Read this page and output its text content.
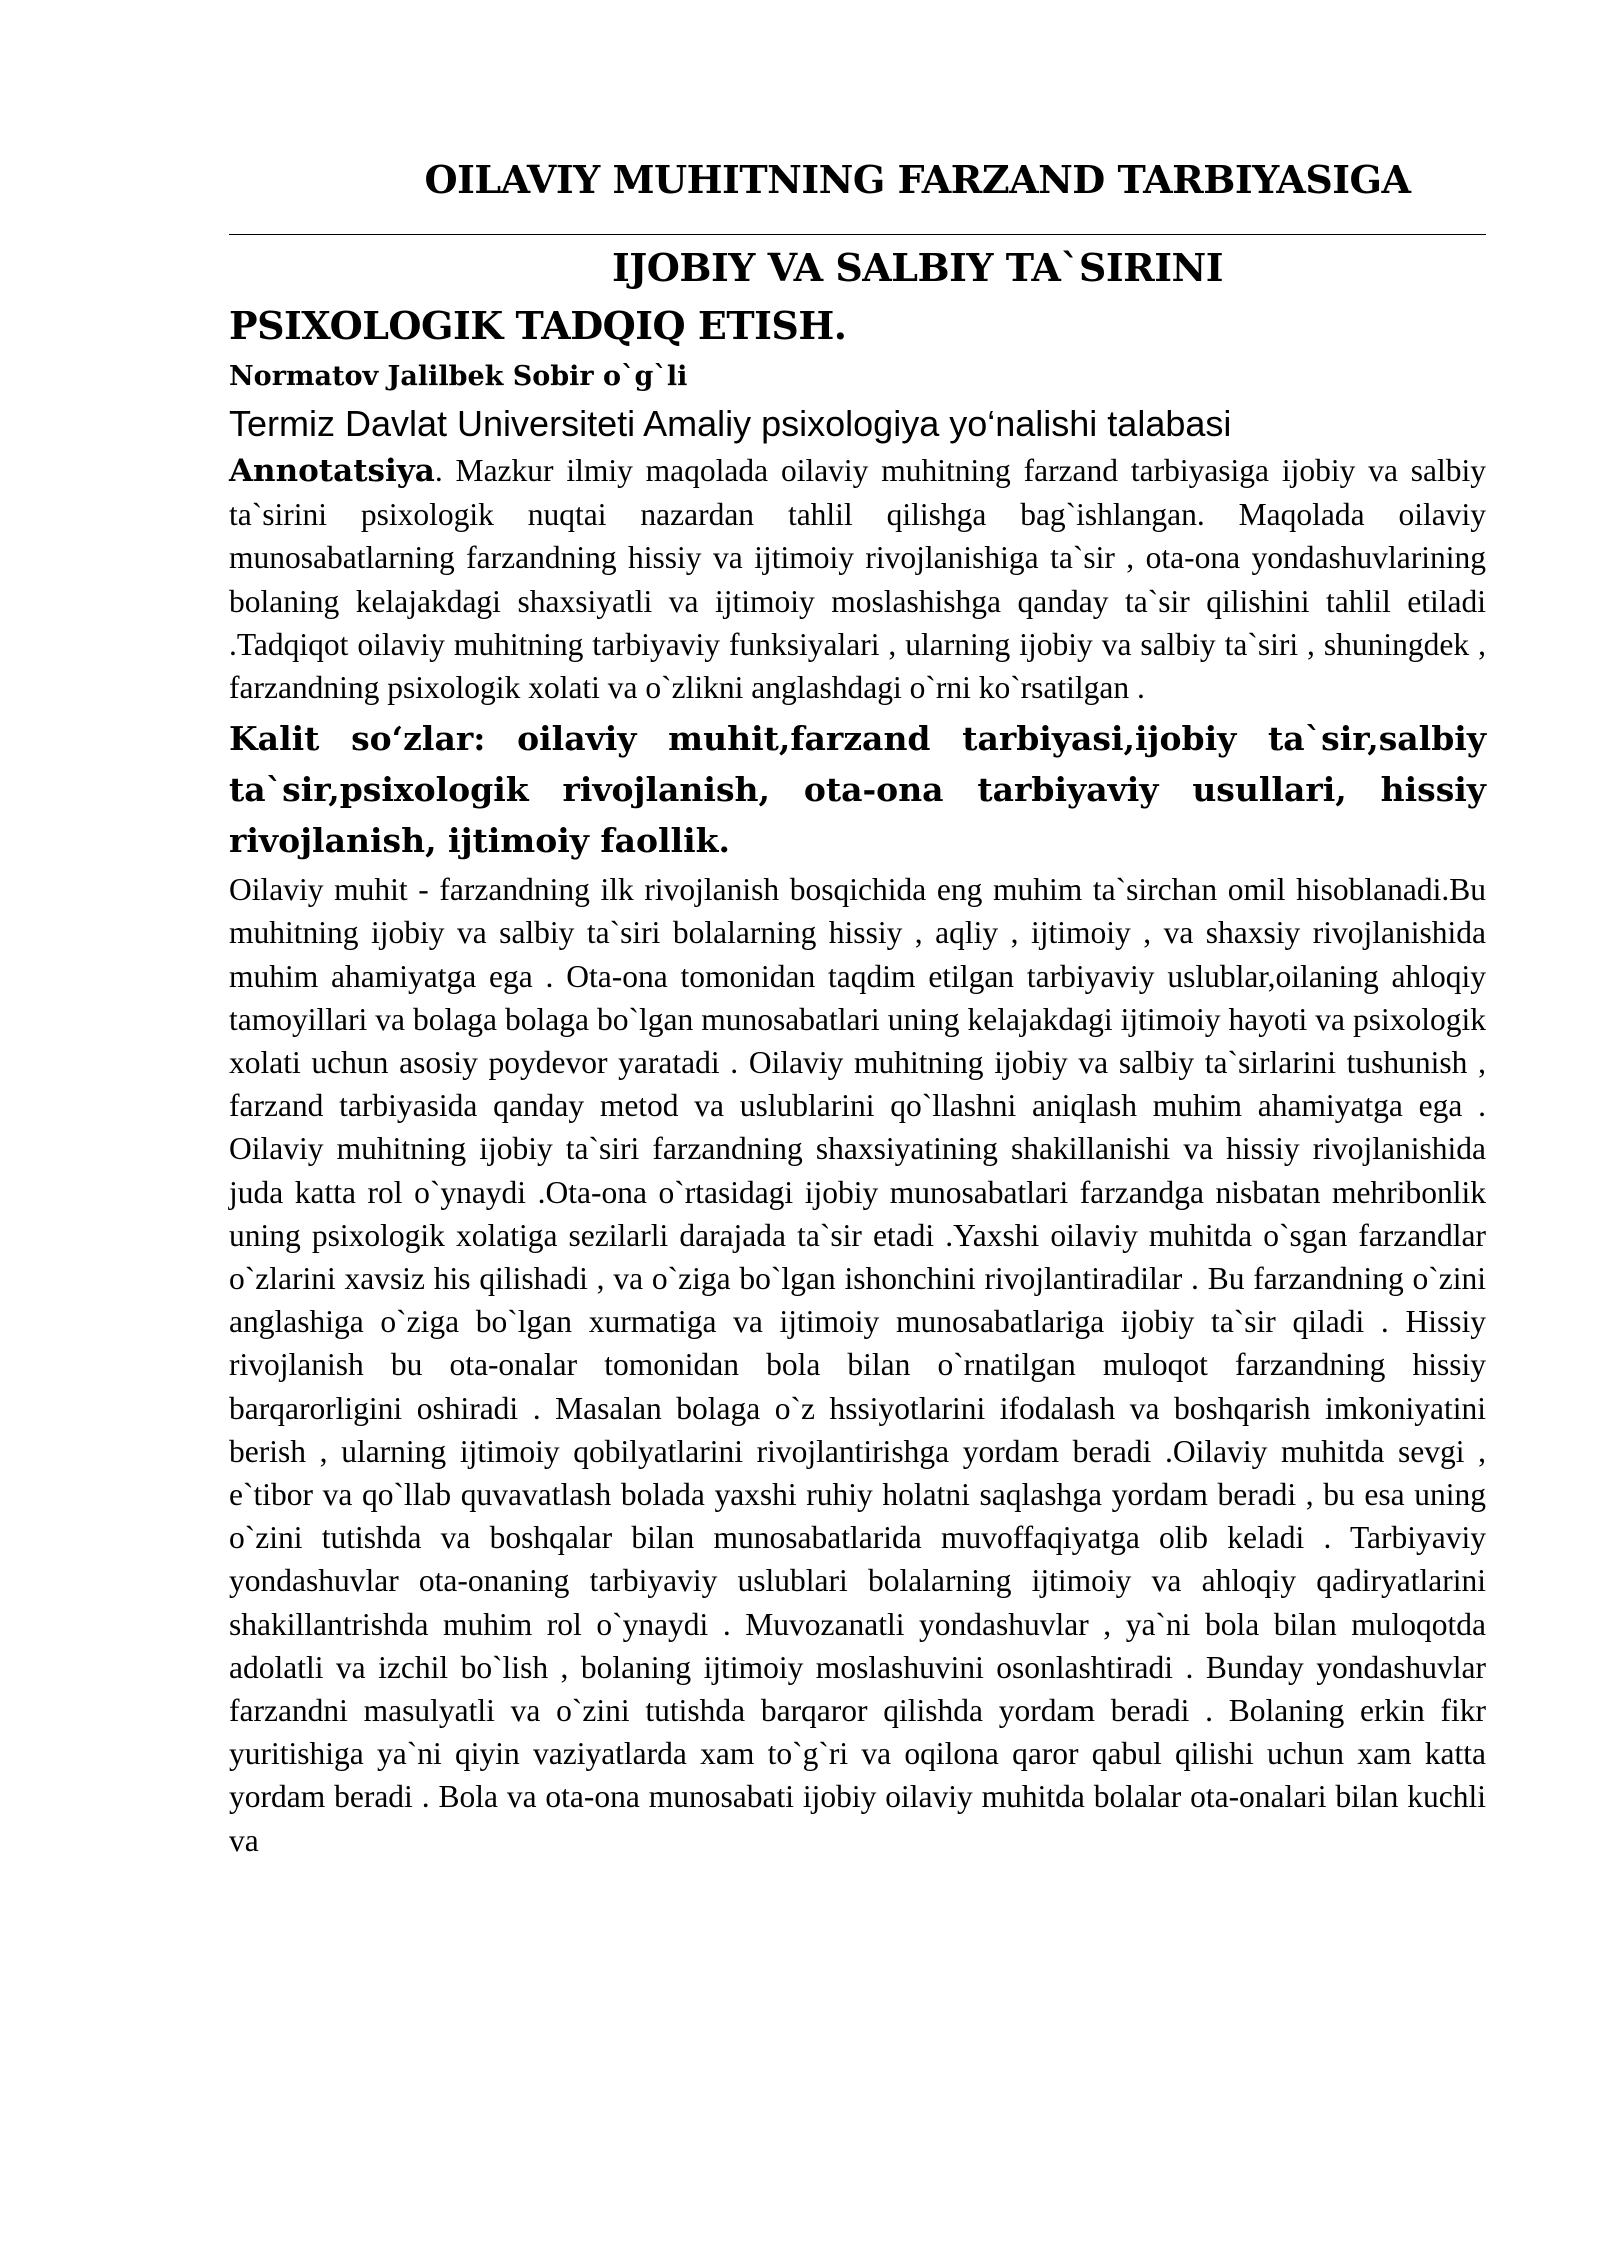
OILAVIY MUHITNING FARZAND TARBIYASIGA
IJOBIY VA SALBIY TA`SIRINI
PSIXOLOGIK TADQIQ ETISH.

Normatov Jalilbek Sobir o`g`li

Termiz Davlat Universiteti Amaliy psixologiya yo‘nalishi talabasi

Annotatsiya. Mazkur ilmiy maqolada oilaviy muhitning farzand tarbiyasiga ijobiy va salbiy ta`sirini psixologik nuqtai nazardan tahlil qilishga bag`ishlangan. Maqolada oilaviy munosabatlarning farzandning hissiy va ijtimoiy rivojlanishiga ta`sir , ota-ona yondashuvlarining bolaning kelajakdagi shaxsiyatli va ijtimoiy moslashishga qanday ta`sir qilishini tahlil etiladi .Tadqiqot oilaviy muhitning tarbiyaviy funksiyalari , ularning ijobiy va salbiy ta`siri , shuningdek , farzandning psixologik xolati va o`zlikni anglashdagi o`rni ko`rsatilgan .

Kalit so‘zlar: oilaviy muhit,farzand tarbiyasi,ijobiy ta`sir,salbiy ta`sir,psixologik rivojlanish, ota-ona tarbiyaviy usullari, hissiy rivojlanish, ijtimoiy faollik.

Oilaviy muhit - farzandning ilk rivojlanish bosqichida eng muhim ta`sirchan omil hisoblanadi.Bu muhitning ijobiy va salbiy ta`siri bolalarning hissiy , aqliy , ijtimoiy , va shaxsiy rivojlanishida muhim ahamiyatga ega . Ota-ona tomonidan taqdim etilgan tarbiyaviy uslublar,oilaning ahloqiy tamoyillari va bolaga bolaga bo`lgan munosabatlari uning kelajakdagi ijtimoiy hayoti va psixologik xolati uchun asosiy poydevor yaratadi . Oilaviy muhitning ijobiy va salbiy ta`sirlarini tushunish , farzand tarbiyasida qanday metod va uslublarini qo`llashni aniqlash muhim ahamiyatga ega . Oilaviy muhitning ijobiy ta`siri farzandning shaxsiyatining shakillanishi va hissiy rivojlanishida juda katta rol o`ynaydi .Ota-ona o`rtasidagi ijobiy munosabatlari farzandga nisbatan mehribonlik uning psixologik xolatiga sezilarli darajada ta`sir etadi .Yaxshi oilaviy muhitda o`sgan farzandlar o`zlarini xavsiz his qilishadi , va o`ziga bo`lgan ishonchini rivojlantiradilar . Bu farzandning o`zini anglashiga o`ziga bo`lgan xurmatiga va ijtimoiy munosabatlariga ijobiy ta`sir qiladi . Hissiy rivojlanish bu ota-onalar tomonidan bola bilan o`rnatilgan muloqot farzandning hissiy barqarorligini oshiradi . Masalan bolaga o`z hssiyotlarini ifodalash va boshqarish imkoniyatini berish , ularning ijtimoiy qobilyatlarini rivojlantirishga yordam beradi .Oilaviy muhitda sevgi , e`tibor va qo`llab quvavatlash bolada yaxshi ruhiy holatni saqlashga yordam beradi , bu esa uning o`zini tutishda va boshqalar bilan munosabatlarida muvoffaqiyatga olib keladi . Tarbiyaviy yondashuvlar ota-onaning tarbiyaviy uslublari bolalarning ijtimoiy va ahloqiy qadiryatlarini shakillantrishda muhim rol o`ynaydi . Muvozanatli yondashuvlar , ya`ni bola bilan muloqotda adolatli va izchil bo`lish , bolaning ijtimoiy moslashuvini osonlashtiradi . Bunday yondashuvlar farzandni masulyatli va o`zini tutishda barqaror qilishda yordam beradi . Bolaning erkin fikr yuritishiga ya`ni qiyin vaziyatlarda xam to`g`ri va oqilona qaror qabul qilishi uchun xam katta yordam beradi . Bola va ota-ona munosabati ijobiy oilaviy muhitda bolalar ota-onalari bilan kuchli va
